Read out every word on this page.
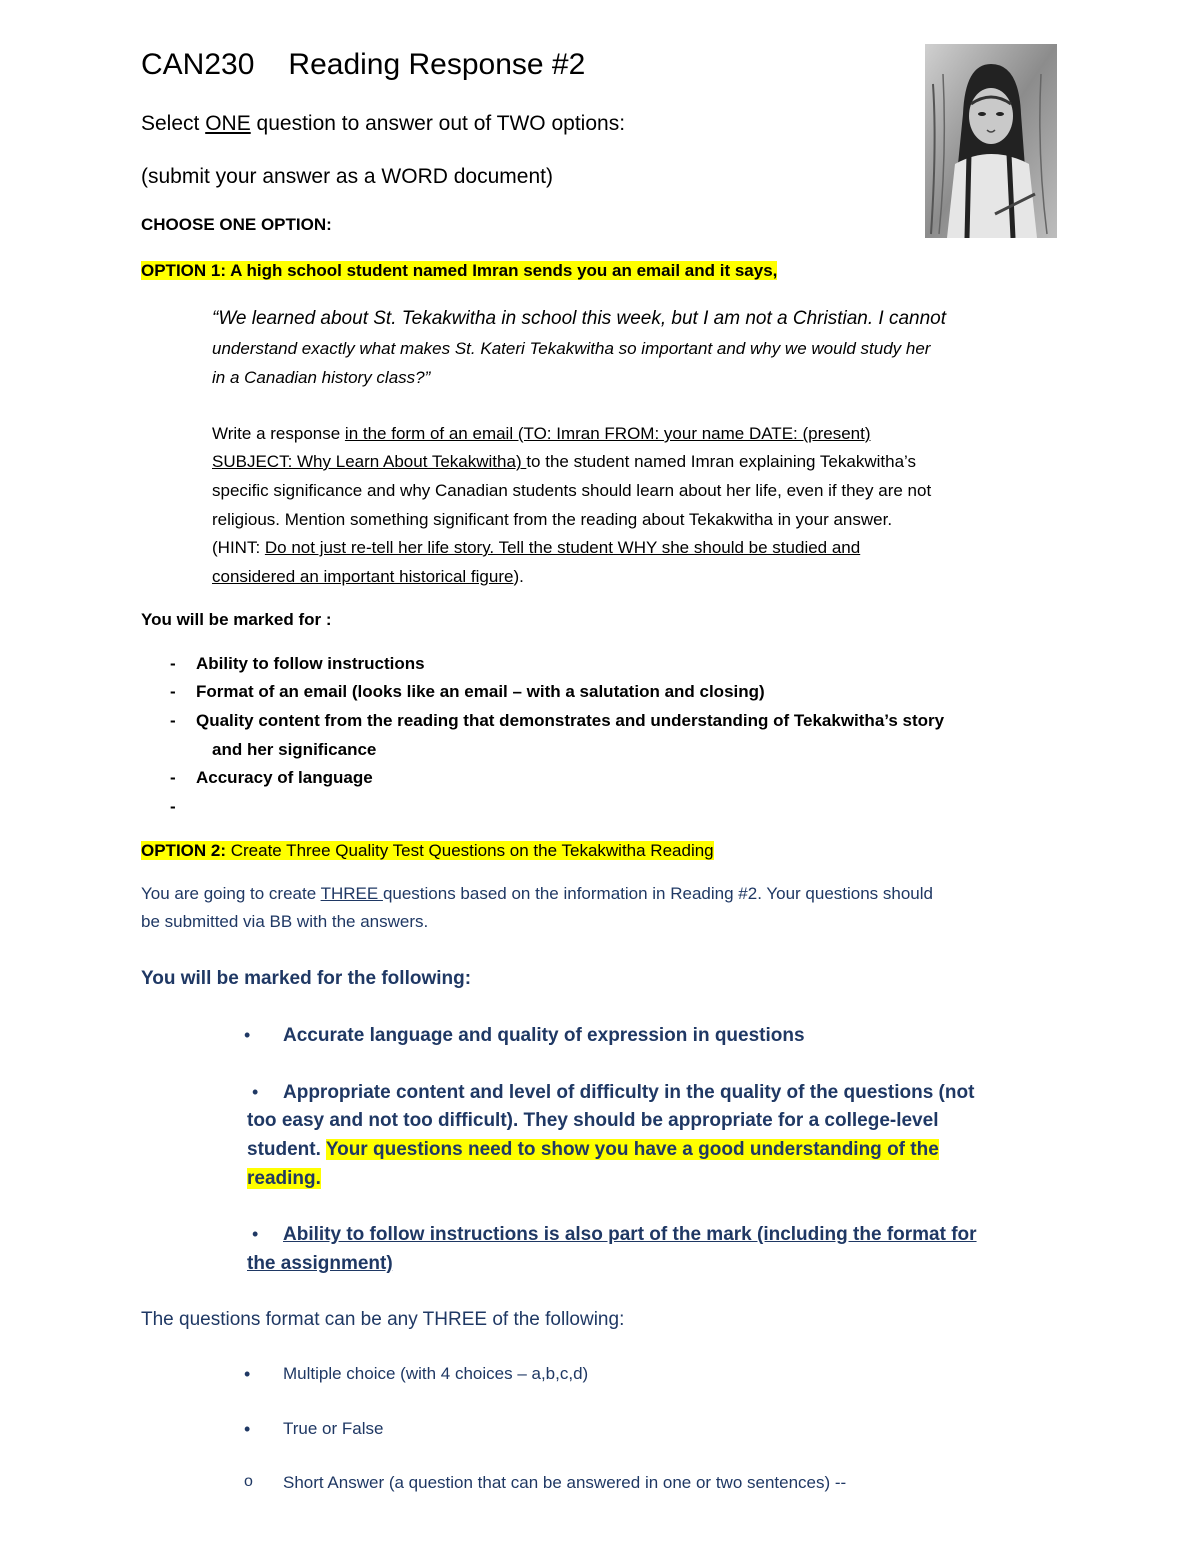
CAN230 Reading Response #2
Select ONE question to answer out of TWO options:
(submit your answer as a WORD document)
CHOOSE ONE OPTION:
OPTION 1: A high school student named Imran sends you an email and it says,
“We learned about St. Tekakwitha in school this week, but I am not a Christian. I cannot
understand exactly what makes St. Kateri Tekakwitha so important and why we would study her
in a Canadian history class?”
Write a response in the form of an email (TO: Imran FROM: your name DATE: (present)
SUBJECT: Why Learn About Tekakwitha) to the student named Imran explaining Tekakwitha’s
specific significance and why Canadian students should learn about her life, even if they are not
religious. Mention something significant from the reading about Tekakwitha in your answer.
(HINT: Do not just re-tell her life story. Tell the student WHY she should be studied and
considered an important historical figure).
You will be marked for :
- Ability to follow instructions
- Format of an email (looks like an email – with a salutation and closing)
- Quality content from the reading that demonstrates and understanding of Tekakwitha’s story
and her significance
- Accuracy of language
-
OPTION 2: Create Three Quality Test Questions on the Tekakwitha Reading
You are going to create THREE questions based on the information in Reading #2. Your questions should
be submitted via BB with the answers.
You will be marked for the following:
• Accurate language and quality of expression in questions
• Appropriate content and level of difficulty in the quality of the questions (not
too easy and not too difficult). They should be appropriate for a college-level
student. Your questions need to show you have a good understanding of the
reading.
• Ability to follow instructions is also part of the mark (including the format for
the assignment)
The questions format can be any THREE of the following:
• Multiple choice (with 4 choices – a,b,c,d)
• True or False
o Short Answer (a question that can be answered in one or two sentences) --
